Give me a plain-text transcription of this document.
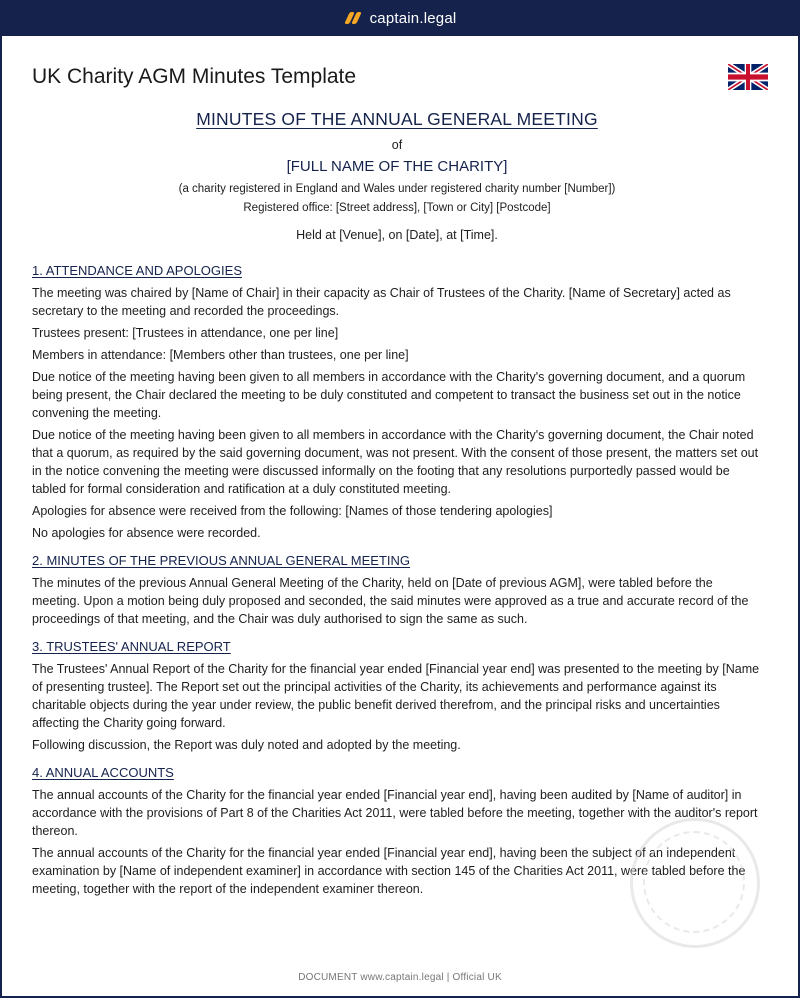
captain.legal
UK Charity AGM Minutes Template
MINUTES OF THE ANNUAL GENERAL MEETING
of
[FULL NAME OF THE CHARITY]
(a charity registered in England and Wales under registered charity number [Number])
Registered office: [Street address], [Town or City] [Postcode]
Held at [Venue], on [Date], at [Time].
1. ATTENDANCE AND APOLOGIES

The meeting was chaired by [Name of Chair] in their capacity as Chair of Trustees of the Charity. [Name of Secretary] acted as secretary to the meeting and recorded the proceedings.

Trustees present: [Trustees in attendance, one per line]

Members in attendance: [Members other than trustees, one per line]

Due notice of the meeting having been given to all members in accordance with the Charity's governing document, and a quorum being present, the Chair declared the meeting to be duly constituted and competent to transact the business set out in the notice convening the meeting.

Due notice of the meeting having been given to all members in accordance with the Charity's governing document, the Chair noted that a quorum, as required by the said governing document, was not present. With the consent of those present, the matters set out in the notice convening the meeting were discussed informally on the footing that any resolutions purportedly passed would be tabled for formal consideration and ratification at a duly constituted meeting.

Apologies for absence were received from the following: [Names of those tendering apologies]

No apologies for absence were recorded.

2. MINUTES OF THE PREVIOUS ANNUAL GENERAL MEETING

The minutes of the previous Annual General Meeting of the Charity, held on [Date of previous AGM], were tabled before the meeting. Upon a motion being duly proposed and seconded, the said minutes were approved as a true and accurate record of the proceedings of that meeting, and the Chair was duly authorised to sign the same as such.

3. TRUSTEES' ANNUAL REPORT

The Trustees' Annual Report of the Charity for the financial year ended [Financial year end] was presented to the meeting by [Name of presenting trustee]. The Report set out the principal activities of the Charity, its achievements and performance against its charitable objects during the year under review, the public benefit derived therefrom, and the principal risks and uncertainties affecting the Charity going forward.

Following discussion, the Report was duly noted and adopted by the meeting.

4. ANNUAL ACCOUNTS

The annual accounts of the Charity for the financial year ended [Financial year end], having been audited by [Name of auditor] in accordance with the provisions of Part 8 of the Charities Act 2011, were tabled before the meeting, together with the auditor's report thereon.

The annual accounts of the Charity for the financial year ended [Financial year end], having been the subject of an independent examination by [Name of independent examiner] in accordance with section 145 of the Charities Act 2011, were tabled before the meeting, together with the report of the independent examiner thereon.

DOCUMENT www.captain.legal | Official UK
